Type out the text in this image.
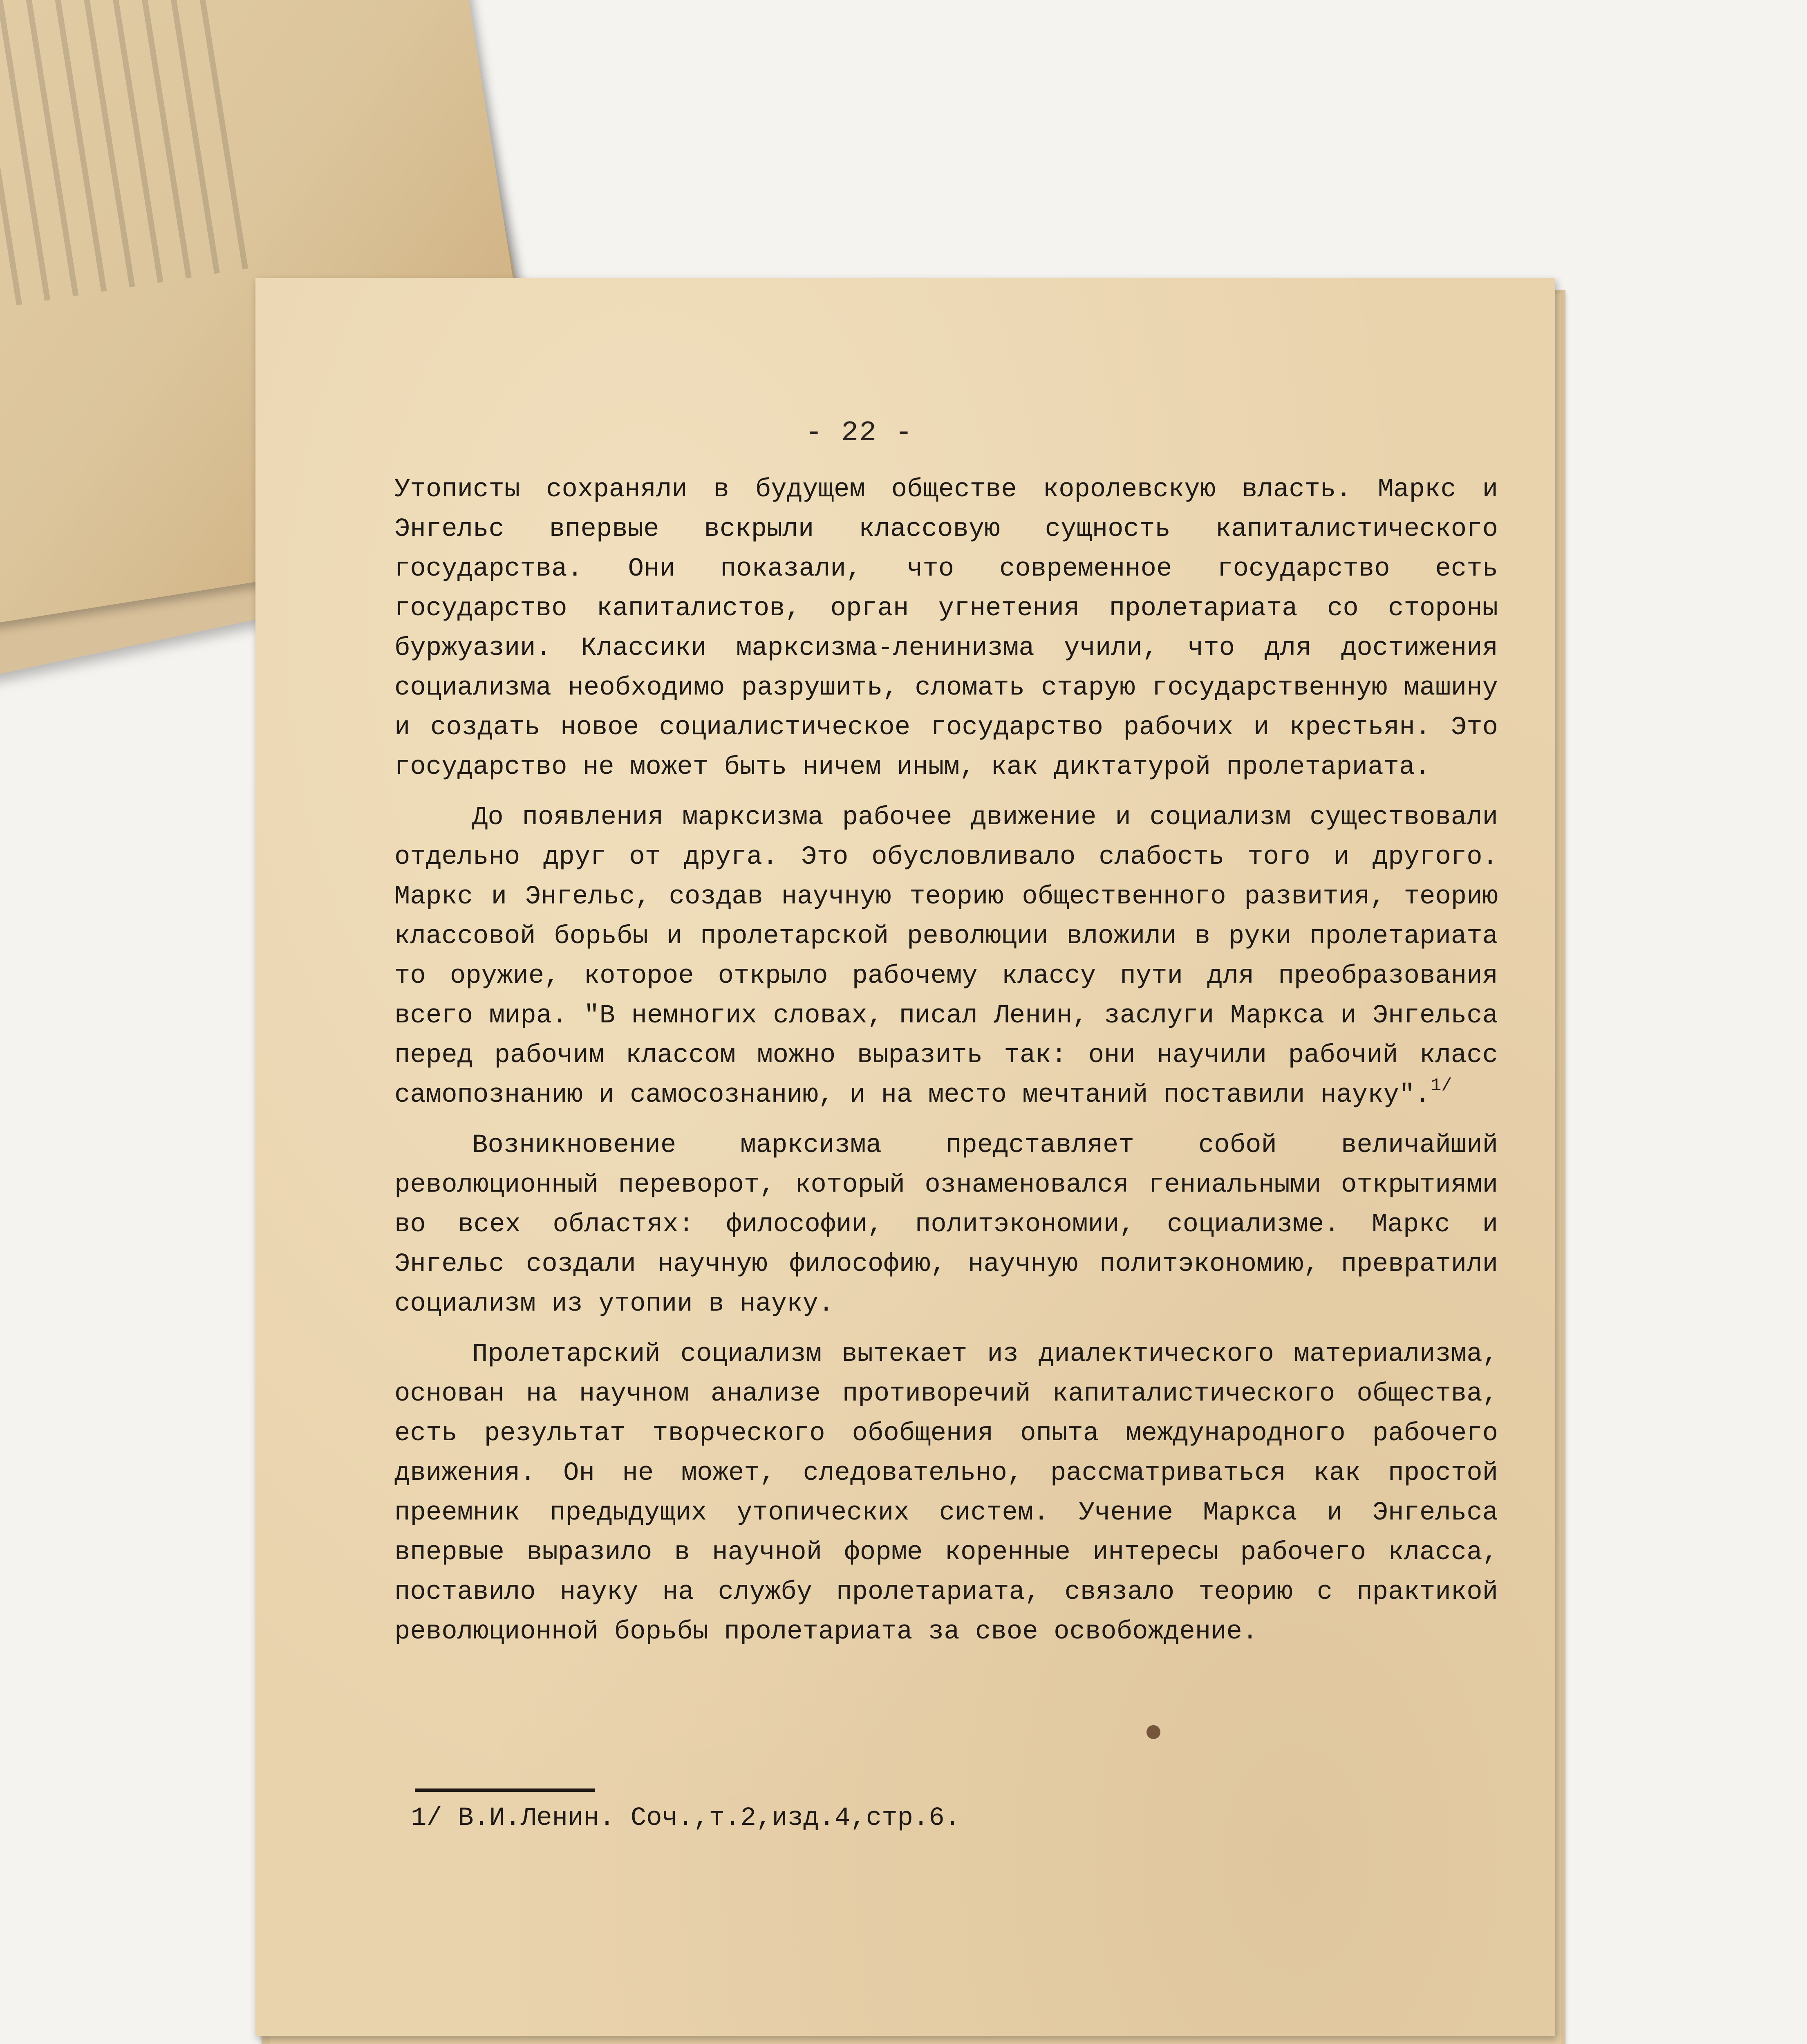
- 22 -

Утописты сохраняли в будущем обществе королевскую власть. Маркс и Энгельс впервые вскрыли классовую сущность капиталистического государства. Они показали, что современное государство есть государство капиталистов, орган угнетения пролетариата со стороны буржуазии. Классики марксизма-ленинизма учили, что для достижения социализма необходимо разрушить, сломать старую государственную машину и создать новое социалистическое государство рабочих и крестьян. Это государство не может быть ничем иным, как диктатурой пролетариата.

До появления марксизма рабочее движение и социализм существовали отдельно друг от друга. Это обусловливало слабость того и другого. Маркс и Энгельс, создав научную теорию общественного развития, теорию классовой борьбы и пролетарской революции вложили в руки пролетариата то оружие, которое открыло рабочему классу пути для преобразования всего мира. "В немногих словах, писал Ленин, заслуги Маркса и Энгельса перед рабочим классом можно выразить так: они научили рабочий класс самопознанию и самосознанию, и на место мечтаний поставили науку".$^{1/}$

Возникновение марксизма представляет собой величайший революционный переворот, который ознаменовался гениальными открытиями во всех областях: философии, политэкономии, социализме. Маркс и Энгельс создали научную философию, научную политэкономию, превратили социализм из утопии в науку.

Пролетарский социализм вытекает из диалектического материализма, основан на научном анализе противоречий капиталистического общества, есть результат творческого обобщения опыта международного рабочего движения. Он не может, следовательно, рассматриваться как простой преемник предыдущих утопических систем. Учение Маркса и Энгельса впервые выразило в научной форме коренные интересы рабочего класса, поставило науку на службу пролетариата, связало теорию с практикой революционной борьбы пролетариата за свое освобождение.

1/ В.И.Ленин. Соч.,т.2,изд.4,стр.6.
